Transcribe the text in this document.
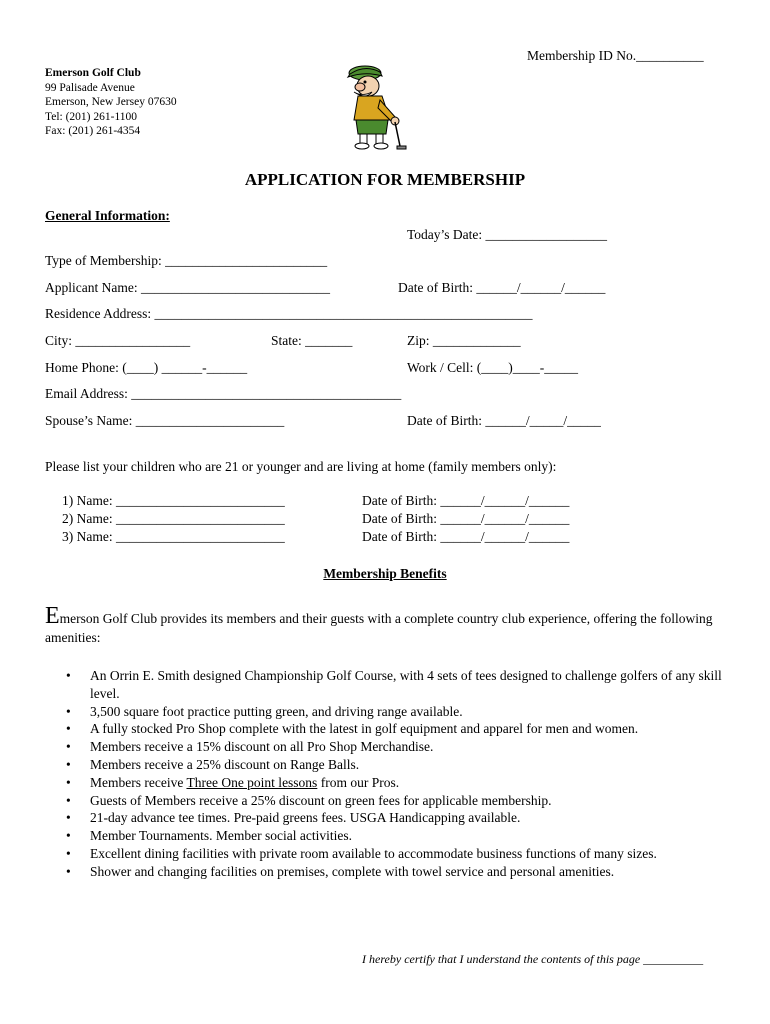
Membership ID No.__________
Emerson Golf Club
99 Palisade Avenue
Emerson, New Jersey 07630
Tel: (201) 261-1100
Fax: (201) 261-4354
APPLICATION FOR MEMBERSHIP
General Information:
Today’s Date: __________________
Type of Membership: ________________________
Applicant Name: ____________________________	Date of Birth: ______/______/______
Residence Address: ________________________________________________________
City: _________________	State: _______	Zip: _____________
Home Phone: (____) ______-______	Work / Cell: (____)____-_____
Email Address: ________________________________________
Spouse’s Name: ______________________	Date of Birth: ______/_____/_____
Please list your children who are 21 or younger and are living at home (family members only):
1) Name: _________________________	Date of Birth: ______/______/______
2) Name: _________________________	Date of Birth: ______/______/______
3) Name: _________________________	Date of Birth: ______/______/______
Membership Benefits
Emerson Golf Club provides its members and their guests with a complete country club experience, offering the following amenities:
• An Orrin E. Smith designed Championship Golf Course, with 4 sets of tees designed to challenge golfers of any skill level.
• 3,500 square foot practice putting green, and driving range available.
• A fully stocked Pro Shop complete with the latest in golf equipment and apparel for men and women.
• Members receive a 15% discount on all Pro Shop Merchandise.
• Members receive a 25% discount on Range Balls.
• Members receive Three One point lessons from our Pros.
• Guests of Members receive a 25% discount on green fees for applicable membership.
• 21-day advance tee times. Pre-paid greens fees. USGA Handicapping available.
• Member Tournaments. Member social activities.
• Excellent dining facilities with private room available to accommodate business functions of many sizes.
• Shower and changing facilities on premises, complete with towel service and personal amenities.
I hereby certify that I understand the contents of this page __________
